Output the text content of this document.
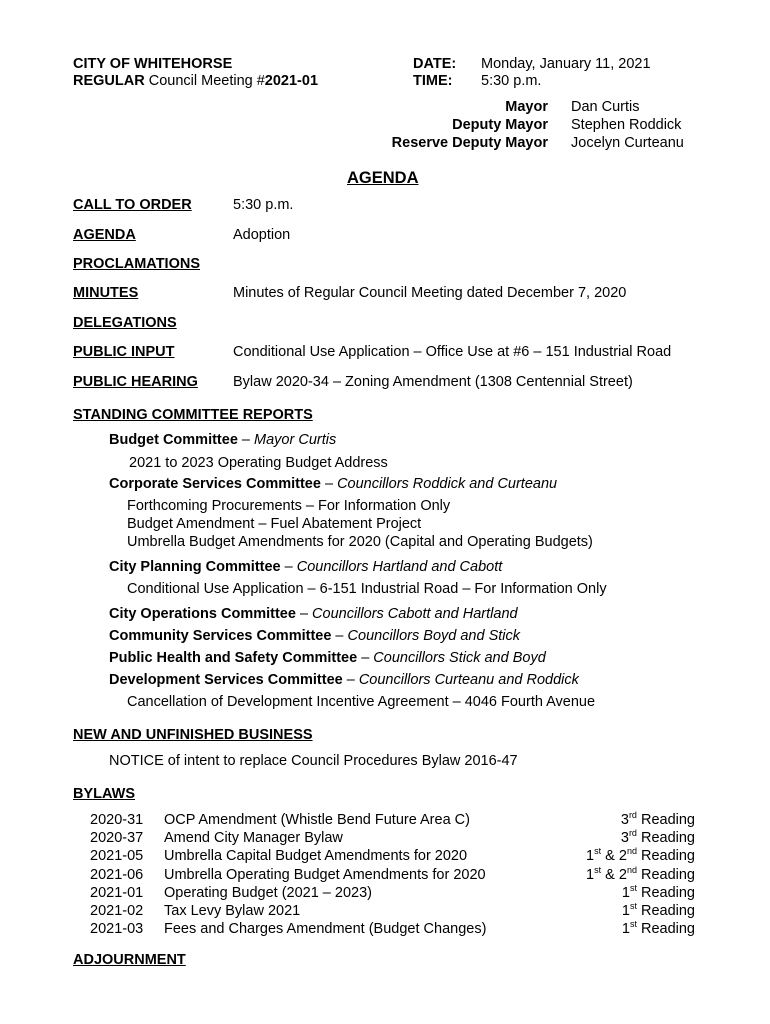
CITY OF WHITEHORSE
REGULAR Council Meeting #2021-01
DATE: Monday, January 11, 2021
TIME: 5:30 p.m.
Mayor Dan Curtis
Deputy Mayor Stephen Roddick
Reserve Deputy Mayor Jocelyn Curteanu
AGENDA
CALL TO ORDER	5:30 p.m.
AGENDA	Adoption
PROCLAMATIONS
MINUTES	Minutes of Regular Council Meeting dated December 7, 2020
DELEGATIONS
PUBLIC INPUT	Conditional Use Application – Office Use at #6 – 151 Industrial Road
PUBLIC HEARING Bylaw 2020-34 – Zoning Amendment (1308 Centennial Street)
STANDING COMMITTEE REPORTS
Budget Committee – Mayor Curtis
2021 to 2023 Operating Budget Address
Corporate Services Committee – Councillors Roddick and Curteanu
Forthcoming Procurements – For Information Only
Budget Amendment – Fuel Abatement Project
Umbrella Budget Amendments for 2020 (Capital and Operating Budgets)
City Planning Committee – Councillors Hartland and Cabott
Conditional Use Application – 6-151 Industrial Road – For Information Only
City Operations Committee – Councillors Cabott and Hartland
Community Services Committee – Councillors Boyd and Stick
Public Health and Safety Committee – Councillors Stick and Boyd
Development Services Committee – Councillors Curteanu and Roddick
Cancellation of Development Incentive Agreement – 4046 Fourth Avenue
NEW AND UNFINISHED BUSINESS
NOTICE of intent to replace Council Procedures Bylaw 2016-47
BYLAWS
2020-31 OCP Amendment (Whistle Bend Future Area C)	3rd Reading
2020-37 Amend City Manager Bylaw	3rd Reading
2021-05 Umbrella Capital Budget Amendments for 2020	1st & 2nd Reading
2021-06 Umbrella Operating Budget Amendments for 2020	1st & 2nd Reading
2021-01 Operating Budget (2021 – 2023)	1st Reading
2021-02 Tax Levy Bylaw 2021	1st Reading
2021-03 Fees and Charges Amendment (Budget Changes)	1st Reading
ADJOURNMENT
